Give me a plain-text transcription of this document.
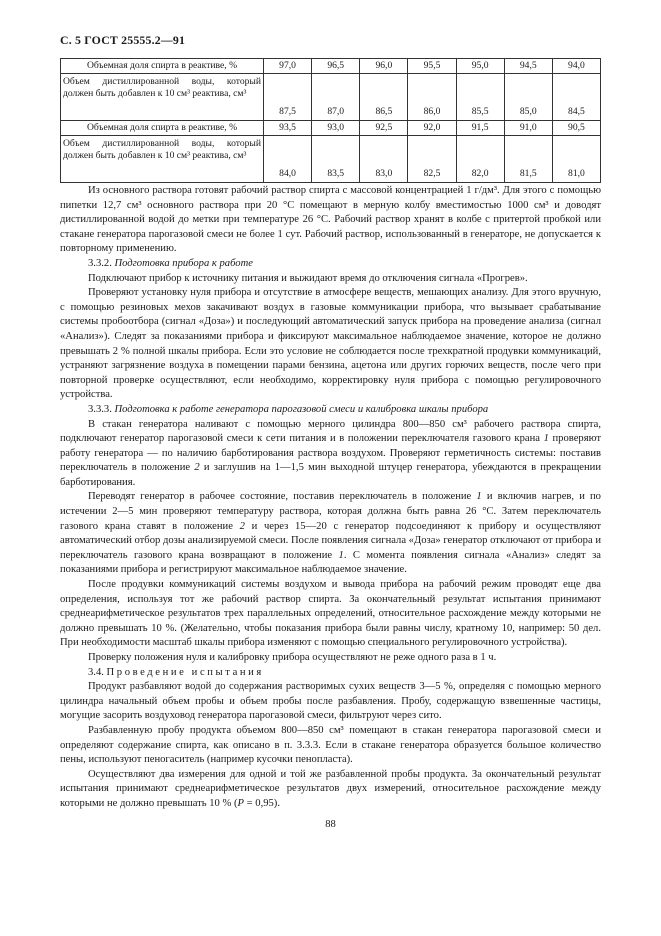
С. 5 ГОСТ 25555.2—91
Объемная доля спирта в реактиве, %	97,0	96,5	96,0	95,5	95,0	94,5	94,0
Объем дистиллированной воды, который должен быть добавлен к 10 см³ реактива, см³	87,5	87,0	86,5	86,0	85,5	85,0	84,5
Объемная доля спирта в реактиве, %	93,5	93,0	92,5	92,0	91,5	91,0	90,5
Объем дистиллированной воды, который должен быть добавлен к 10 см³ реактива, см³	84,0	83,5	83,0	82,5	82,0	81,5	81,0

Из основного раствора готовят рабочий раствор спирта с массовой концентрацией 1 г/дм³. Для этого с помощью пипетки 12,7 см³ основного раствора при 20 °С помещают в мерную колбу вместимостью 1000 см³ и доводят дистиллированной водой до метки при температуре 26 °С. Рабочий раствор хранят в колбе с притертой пробкой или стакане генератора парогазовой смеси не более 1 сут. Рабочий раствор, использованный в генераторе, не допускается к повторному применению.

3.3.2. Подготовка прибора к работе

Подключают прибор к источнику питания и выжидают время до отключения сигнала «Прогрев».

Проверяют установку нуля прибора и отсутствие в атмосфере веществ, мешающих анализу. Для этого вручную, с помощью резиновых мехов закачивают воздух в газовые коммуникации прибора, что вызывает срабатывание системы пробоотбора (сигнал «Доза») и последующий автоматический запуск прибора на проведение анализа (сигнал «Анализ»). Следят за показаниями прибора и фиксируют максимальное наблюдаемое значение, которое не должно превышать 2 % полной шкалы прибора. Если это условие не соблюдается после трехкратной продувки коммуникаций, устраняют загрязнение воздуха в помещении парами бензина, ацетона или других горючих веществ, после чего при повторной проверке осуществляют, если необходимо, корректировку нуля прибора с помощью регулировочного устройства.

3.3.3. Подготовка к работе генератора парогазовой смеси и калибровка шкалы прибора

В стакан генератора наливают с помощью мерного цилиндра 800—850 см³ рабочего раствора спирта, подключают генератор парогазовой смеси к сети питания и в положении переключателя газового крана 1 проверяют работу генератора — по наличию барботирования раствора воздухом. Проверяют герметичность системы: поставив переключатель в положение 2 и заглушив на 1—1,5 мин выходной штуцер генератора, убеждаются в прекращении барботирования.

Переводят генератор в рабочее состояние, поставив переключатель в положение 1 и включив нагрев, и по истечении 2—5 мин проверяют температуру раствора, которая должна быть равна 26 °С. Затем переключатель газового крана ставят в положение 2 и через 15—20 с генератор подсоединяют к прибору и осуществляют автоматический отбор дозы анализируемой смеси. После появления сигнала «Доза» генератор отключают от прибора и переключатель газового крана возвращают в положение 1. С момента появления сигнала «Анализ» следят за показаниями прибора и регистрируют максимальное наблюдаемое значение.

После продувки коммуникаций системы воздухом и вывода прибора на рабочий режим проводят еще два определения, используя тот же рабочий раствор спирта. За окончательный результат испытания принимают среднеарифметическое результатов трех параллельных определений, относительное расхождение между которыми не должно превышать 10 %. (Желательно, чтобы показания прибора были равны числу, кратному 10, например: 50 дел. При необходимости масштаб шкалы прибора изменяют с помощью специального регулировочного устройства).

Проверку положения нуля и калибровку прибора осуществляют не реже одного раза в 1 ч.

3.4. Проведение испытания

Продукт разбавляют водой до содержания растворимых сухих веществ 3—5 %, определяя с помощью мерного цилиндра начальный объем пробы и объем пробы после разбавления. Пробу, содержащую взвешенные частицы, могущие засорить воздуховод генератора парогазовой смеси, фильтруют через сито.

Разбавленную пробу продукта объемом 800—850 см³ помещают в стакан генератора парогазовой смеси и определяют содержание спирта, как описано в п. 3.3.3. Если в стакане генератора образуется большое количество пены, используют пеногаситель (например кусочки пенопласта).

Осуществляют два измерения для одной и той же разбавленной пробы продукта. За окончательный результат испытания принимают среднеарифметическое результатов двух измерений, относительное расхождение между которыми не должно превышать 10 % (P = 0,95).

88
